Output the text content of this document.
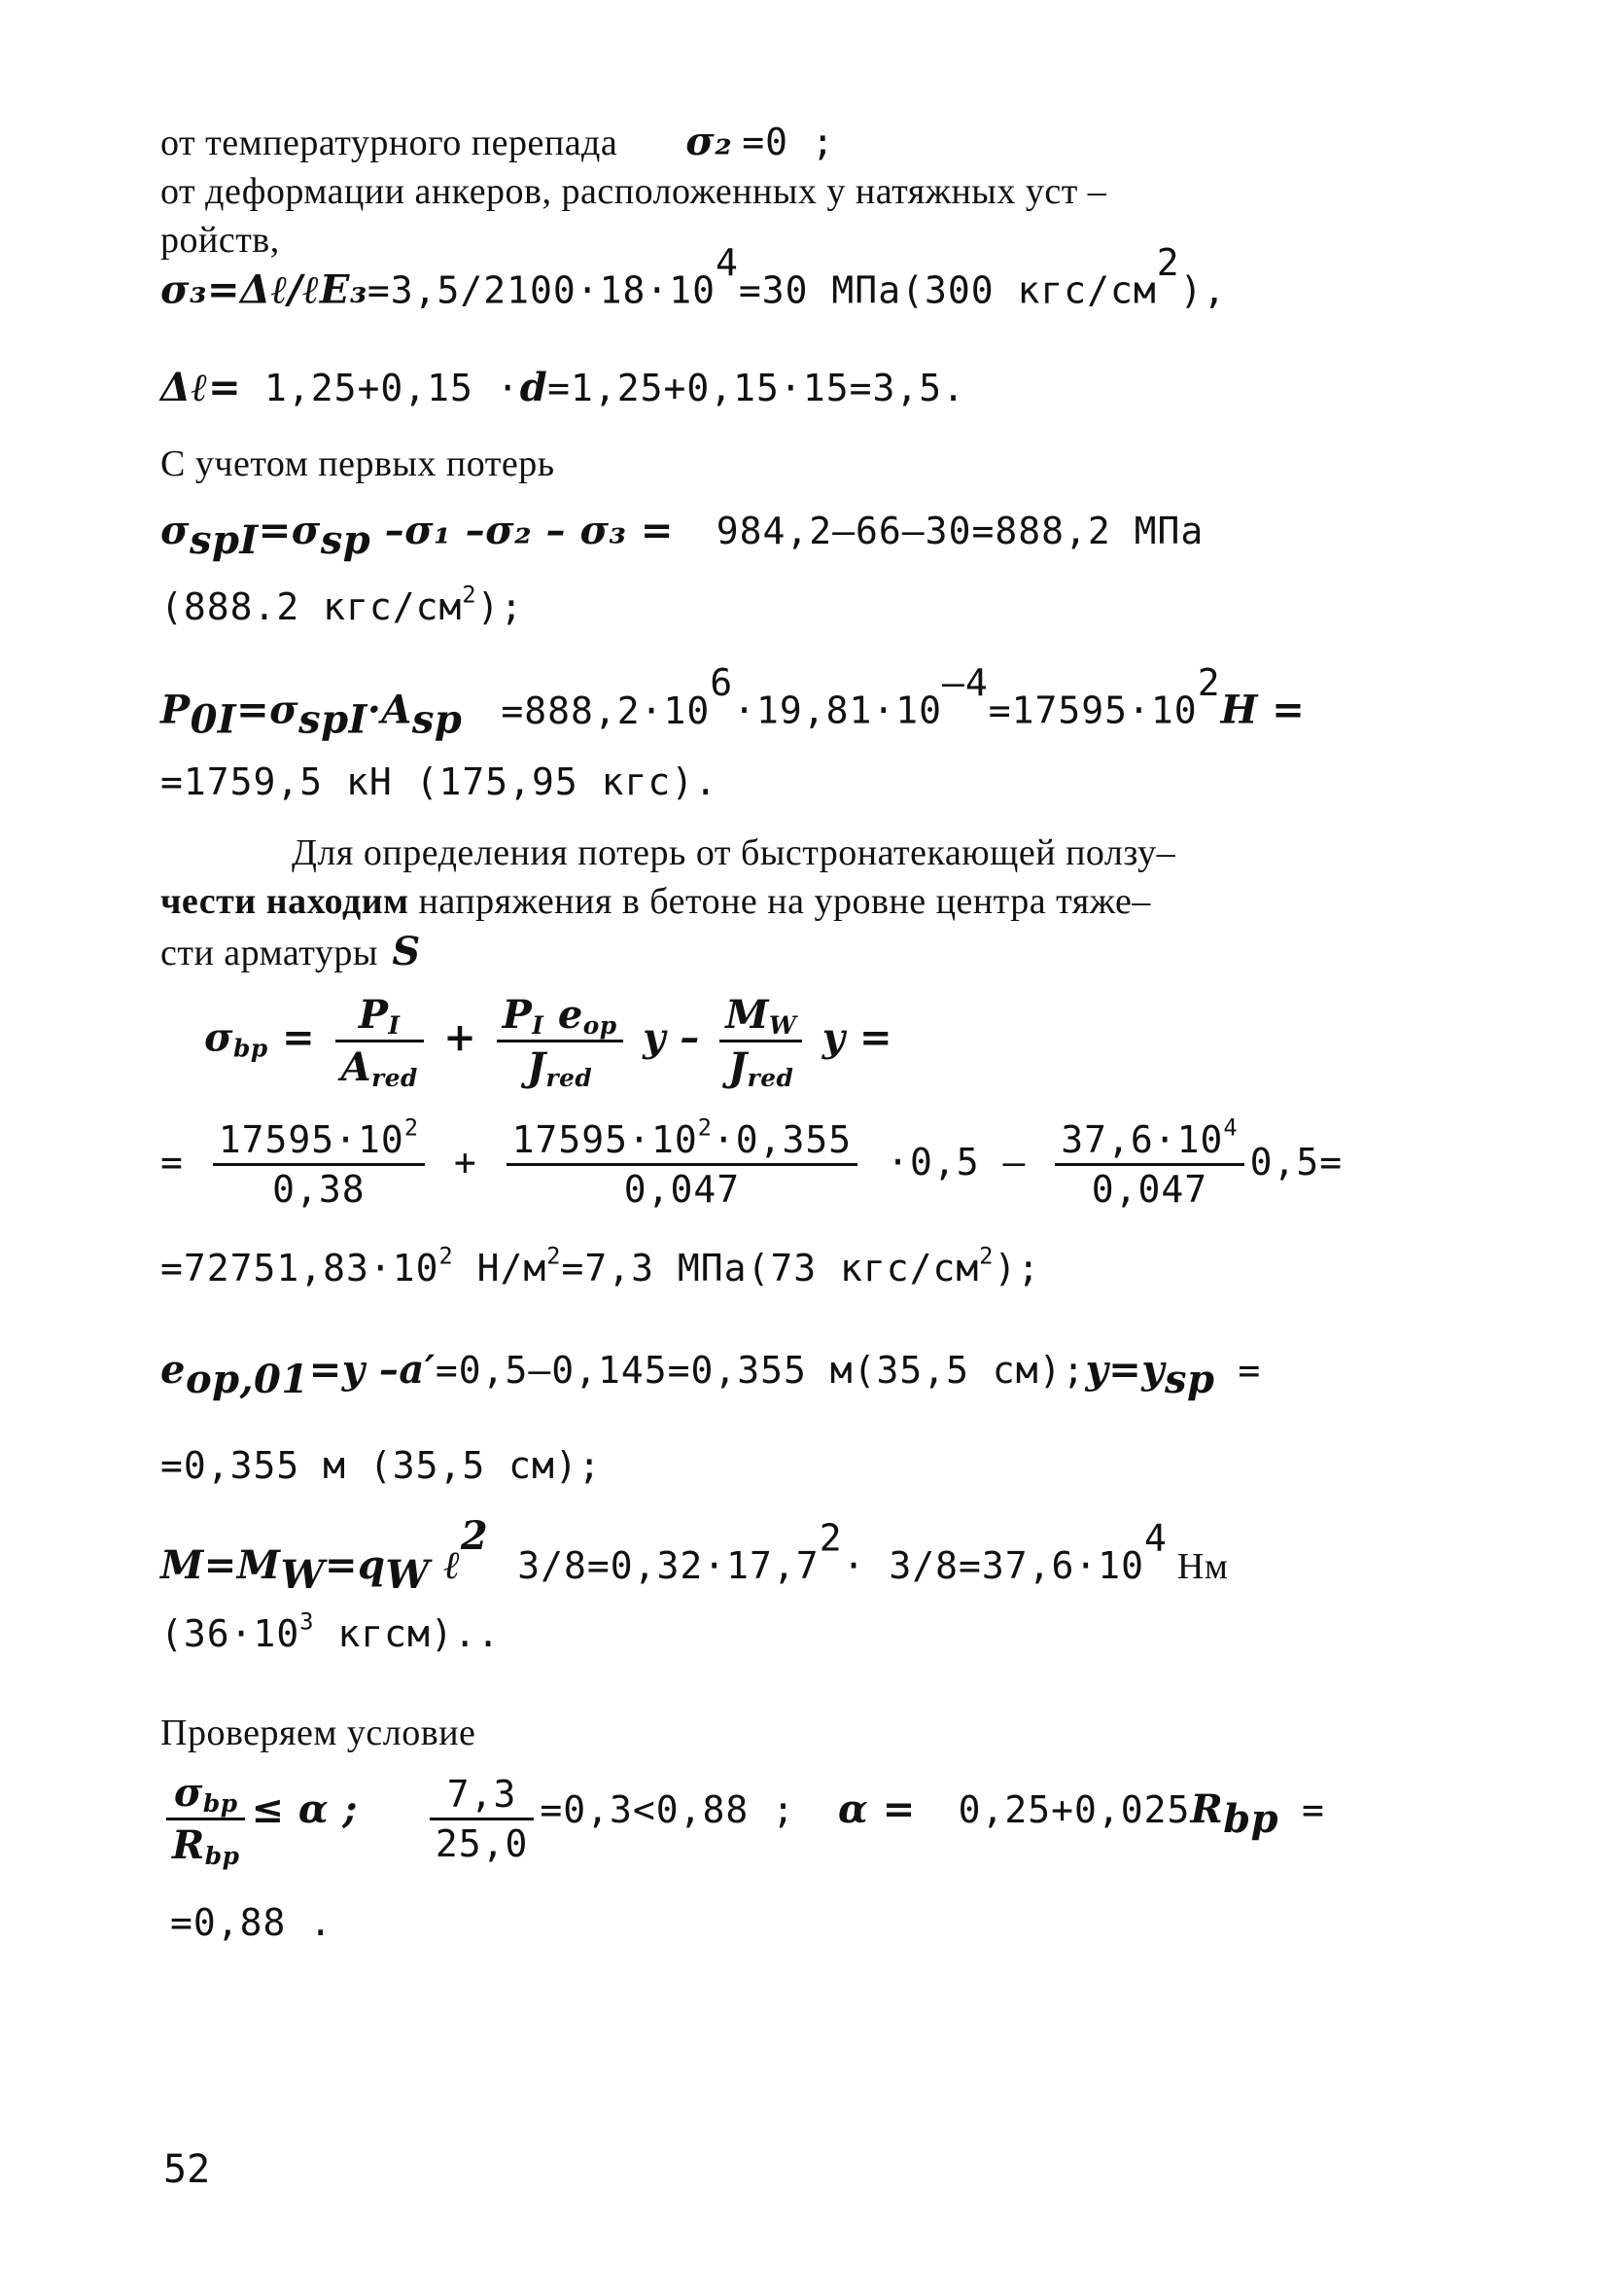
от температурного перепада σ₂ =0 ;
от деформации анкеров, расположенных у натяжных уст –
ройств,
$\sigma_3=\Delta\ell/\ell E_3=3,5/2100\cdot 18\cdot 10^4=30$ МПа(300 кгс/$см^2$),
Δℓ= 1,25+0,15 ·d=1,25+0,15·15=3,5.
С учетом первых потерь
$\sigma_{spI}=\sigma_{sp}$ –σ₁ –σ₂ – σ₃ = 984,2–66–30=888,2 МПа
(888.2 кгс/$см^2$);
$P_{0I}=\sigma_{spI}\cdot A_{sp} =888,2\cdot 10^6\cdot 19,81\cdot 10^{-4}=17595\cdot 10^2Н$ =
=1759,5 кН (175,95 кгс).
Для определения потерь от быстронатекающей ползу–
чести находим напряжения в бетоне на уровне центра тяже–
сти арматуры S
$\sigma_{bp} = \frac{P_I}{A_{red}} + \frac{P_I e_{op}}{J_{red}}$ y – $\frac{M_W}{J_{red}}$ y =
= $\frac{17595\cdot 10^2}{0,38} + \frac{17595\cdot 10^2\cdot 0,355}{0,047} \cdot 0,5 - \frac{37,6\cdot 10^4}{0,047} 0,5=$
$=72751,83\cdot 10^2$ $Н/м^2=7,3$ МПа(73 кгс/$см^2$);
$e_{op,01}=y$ –a′=0,5–0,145=0,355 м(35,5 $см);y=y_{sp}$ =
=0,355 м (35,5 см);
$M=M_W=q_W$ $\ell^23/8=0,32\cdot 17,7^2\cdot 3/8=37,6\cdot 10^4$ Нм
($36\cdot 10^3$ кгсм)..
Проверяем условие
$\frac{\sigma_{bp}}{R_{bp}} \le \alpha$ ; $\frac{7,3}{25,0} =0,3<0,88$ ; $\alpha = 0,25+0,025R_{bp}$ =
=0,88 .
52
